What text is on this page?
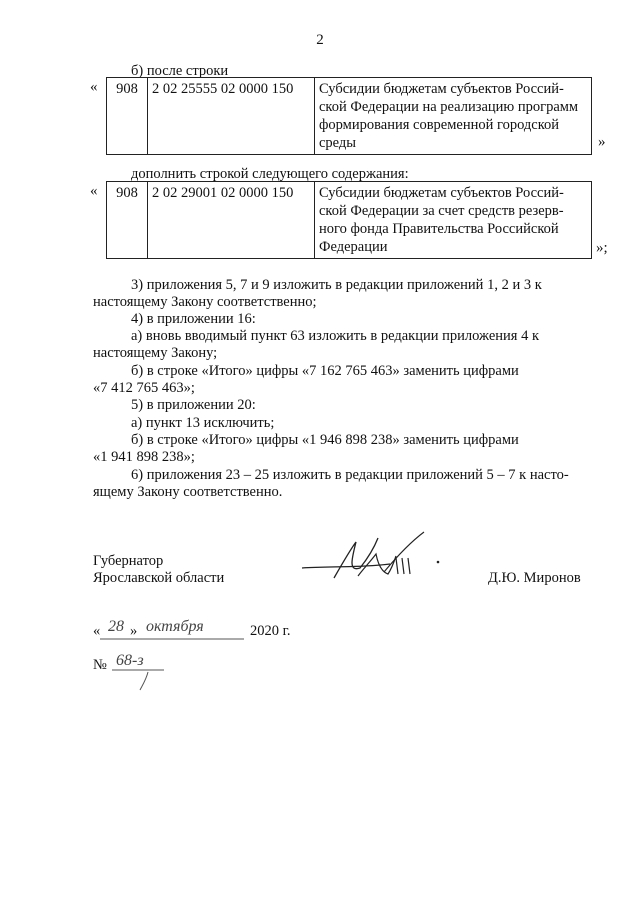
2
б) после строки
« 908	2 02 25555 02 0000 150	Субсидии бюджетам субъектов Россий-
ской Федерации на реализацию программ
формирования современной городской
среды	»
дополнить строкой следующего содержания:
« 908	2 02 29001 02 0000 150	Субсидии бюджетам субъектов Россий-
ской Федерации за счет средств резерв-
ного фонда Правительства Российской
Федерации	»;
3) приложения 5, 7 и 9 изложить в редакции приложений 1, 2 и 3 к
настоящему Закону соответственно;
4) в приложении 16:
а) вновь вводимый пункт 63 изложить в редакции приложения 4 к
настоящему Закону;
б) в строке «Итого» цифры «7 162 765 463» заменить цифрами
«7 412 765 463»;
5) в приложении 20:
а) пункт 13 исключить;
б) в строке «Итого» цифры «1 946 898 238» заменить цифрами
«1 941 898 238»;
6) приложения 23 – 25 изложить в редакции приложений 5 – 7 к насто-
ящему Закону соответственно.
Губернатор
Ярославской области	Д.Ю. Миронов
« 28 » октября	2020 г.
№ 68-з
